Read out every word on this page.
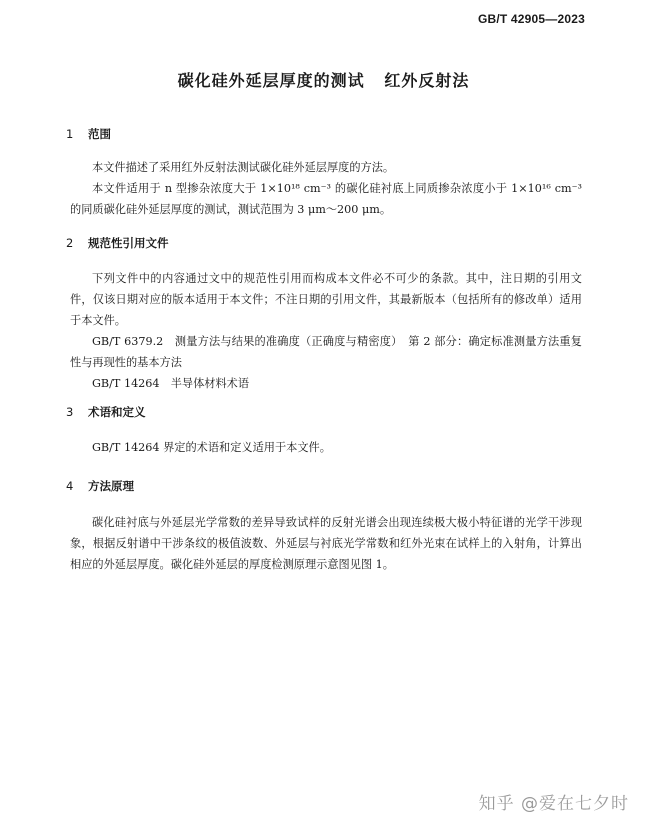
GB/T 42905—2023
碳化硅外延层厚度的测试   红外反射法
1 范围

本文件描述了采用红外反射法测试碳化硅外延层厚度的方法。

本文件适用于 n 型掺杂浓度大于 1×10¹⁸ cm⁻³ 的碳化硅衬底上同质掺杂浓度小于 1×10¹⁶ cm⁻³ 的同质碳化硅外延层厚度的测试，测试范围为 3 μm～200 μm。

2 规范性引用文件

下列文件中的内容通过文中的规范性引用而构成本文件必不可少的条款。其中，注日期的引用文件，仅该日期对应的版本适用于本文件；不注日期的引用文件，其最新版本（包括所有的修改单）适用于本文件。

GB/T 6379.2　测量方法与结果的准确度（正确度与精密度）　第 2 部分：确定标准测量方法重复性与再现性的基本方法

GB/T 14264　半导体材料术语

3 术语和定义

GB/T 14264 界定的术语和定义适用于本文件。

4 方法原理

碳化硅衬底与外延层光学常数的差异导致试样的反射光谱会出现连续极大极小特征谱的光学干涉现象，根据反射谱中干涉条纹的极值波数、外延层与衬底光学常数和红外光束在试样上的入射角，计算出相应的外延层厚度。碳化硅外延层的厚度检测原理示意图见图 1。

知乎 @爱在七夕时
